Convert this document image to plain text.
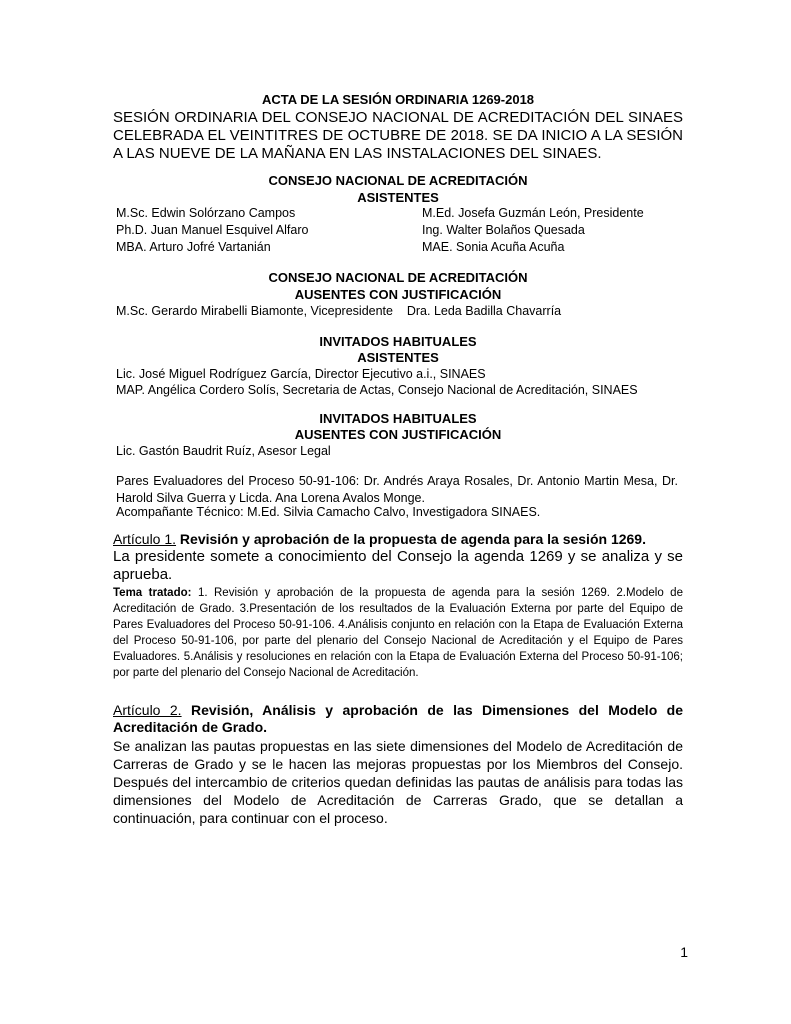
ACTA DE LA SESIÓN ORDINARIA 1269-2018
SESIÓN ORDINARIA DEL CONSEJO NACIONAL DE ACREDITACIÓN DEL SINAES CELEBRADA EL VEINTITRES DE OCTUBRE DE 2018. SE DA INICIO A LA SESIÓN A LAS NUEVE DE LA MAÑANA EN LAS INSTALACIONES DEL SINAES.
CONSEJO NACIONAL DE ACREDITACIÓN
ASISTENTES
M.Sc. Edwin Solórzano Campos	M.Ed. Josefa Guzmán León, Presidente
Ph.D. Juan Manuel Esquivel Alfaro	Ing. Walter Bolaños Quesada
MBA. Arturo Jofré Vartanián	MAE. Sonia Acuña Acuña
CONSEJO NACIONAL DE ACREDITACIÓN
AUSENTES CON JUSTIFICACIÓN
M.Sc. Gerardo Mirabelli Biamonte, Vicepresidente    Dra. Leda Badilla Chavarría
INVITADOS HABITUALES
ASISTENTES
Lic. José Miguel Rodríguez García, Director Ejecutivo a.i., SINAES
MAP. Angélica Cordero Solís, Secretaria de Actas, Consejo Nacional de Acreditación, SINAES
INVITADOS HABITUALES
AUSENTES CON JUSTIFICACIÓN
Lic. Gastón Baudrit Ruíz, Asesor Legal
Pares Evaluadores del Proceso 50-91-106: Dr. Andrés Araya Rosales, Dr. Antonio Martin Mesa, Dr. Harold Silva Guerra y Licda. Ana Lorena Avalos Monge.
Acompañante Técnico: M.Ed. Silvia Camacho Calvo, Investigadora SINAES.
Artículo 1. Revisión y aprobación de la propuesta de agenda para la sesión 1269.
La presidente somete a conocimiento del Consejo la agenda 1269 y se analiza y se aprueba.
Tema tratado: 1. Revisión y aprobación de la propuesta de agenda para la sesión 1269. 2.Modelo de Acreditación de Grado. 3.Presentación de los resultados de la Evaluación Externa por parte del Equipo de Pares Evaluadores del Proceso 50-91-106. 4.Análisis conjunto en relación con la Etapa de Evaluación Externa del Proceso 50-91-106, por parte del plenario del Consejo Nacional de Acreditación y el Equipo de Pares Evaluadores. 5.Análisis y resoluciones en relación con la Etapa de Evaluación Externa del Proceso 50-91-106; por parte del plenario del Consejo Nacional de Acreditación.
Artículo 2. Revisión, Análisis y aprobación de las Dimensiones del Modelo de Acreditación de Grado.
Se analizan las pautas propuestas en las siete dimensiones del Modelo de Acreditación de Carreras de Grado y se le hacen las mejoras propuestas por los Miembros del Consejo. Después del intercambio de criterios quedan definidas las pautas de análisis para todas las dimensiones del Modelo de Acreditación de Carreras Grado, que se detallan a continuación, para continuar con el proceso.
1
